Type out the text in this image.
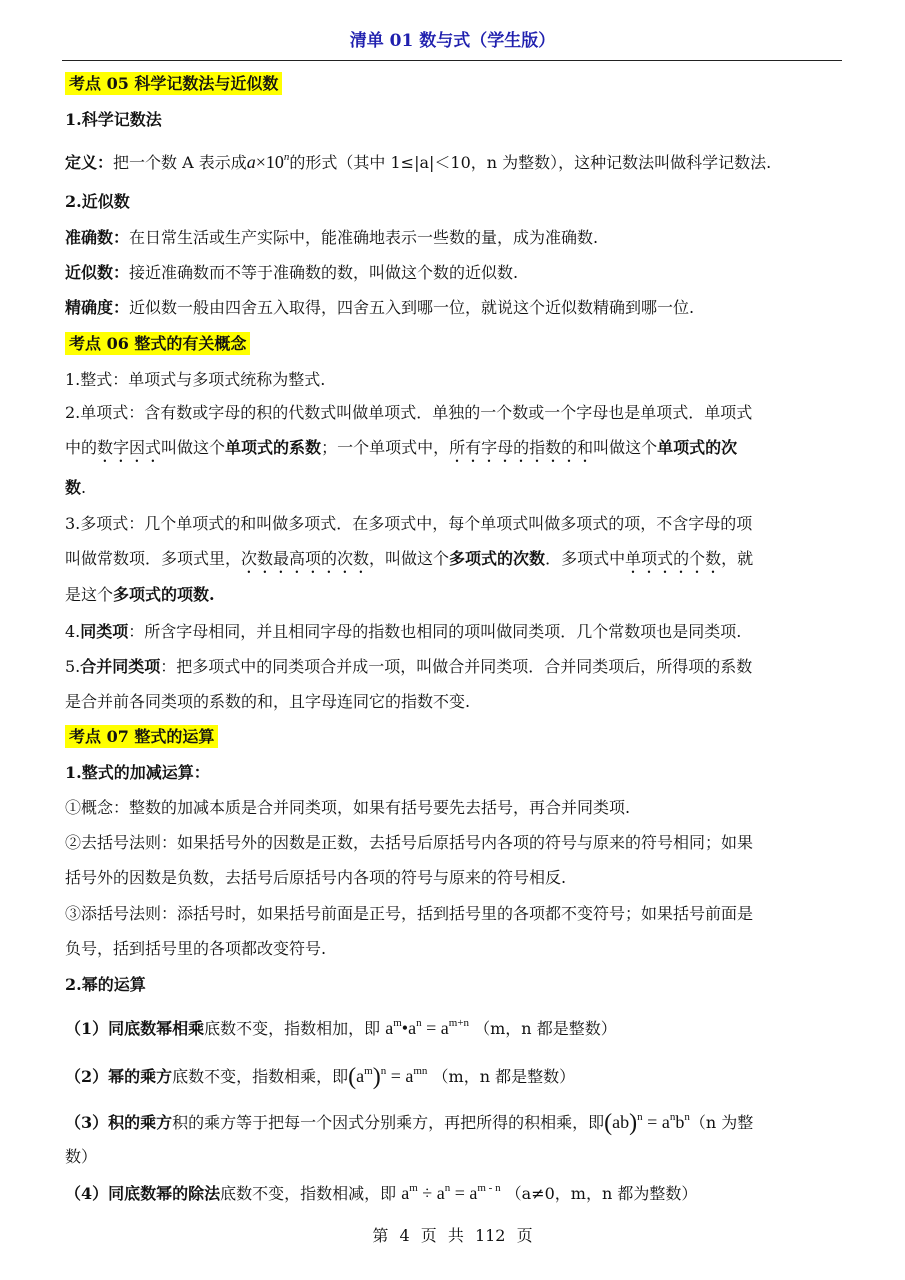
清单 01 数与式（学生版）
考点 05 科学记数法与近似数
1.科学记数法
定义：把一个数 A 表示成$a\times 10^n$的形式（其中 1≤|a|＜10，n 为整数），这种记数法叫做科学记数法.
2.近似数
准确数：在日常生活或生产实际中，能准确地表示一些数的量，成为准确数.
近似数：接近准确数而不等于准确数的数，叫做这个数的近似数.
精确度：近似数一般由四舍五入取得，四舍五入到哪一位，就说这个近似数精确到哪一位.
考点 06 整式的有关概念
1.整式：单项式与多项式统称为整式.
2.单项式：含有数或字母的积的代数式叫做单项式．单独的一个数或一个字母也是单项式．单项式
中的数字因式叫做这个单项式的系数；一个单项式中，所有字母的指数的和叫做这个单项式的次
数.
3.多项式：几个单项式的和叫做多项式．在多项式中，每个单项式叫做多项式的项，不含字母的项
叫做常数项．多项式里，次数最高项的次数，叫做这个多项式的次数．多项式中单项式的个数，就
是这个多项式的项数.
4.同类项：所含字母相同，并且相同字母的指数也相同的项叫做同类项．几个常数项也是同类项.
5.合并同类项：把多项式中的同类项合并成一项，叫做合并同类项．合并同类项后，所得项的系数
是合并前各同类项的系数的和，且字母连同它的指数不变.
考点 07 整式的运算
1.整式的加减运算：
①概念：整数的加减本质是合并同类项，如果有括号要先去括号，再合并同类项.
②去括号法则：如果括号外的因数是正数，去括号后原括号内各项的符号与原来的符号相同；如果
括号外的因数是负数，去括号后原括号内各项的符号与原来的符号相反.
③添括号法则：添括号时，如果括号前面是正号，括到括号里的各项都不变符号；如果括号前面是
负号，括到括号里的各项都改变符号.
2.幂的运算
（1）同底数幂相乘底数不变，指数相加，即 $a^m•a^n = a^{m+n}$ （m，n 都是整数）
（2）幂的乘方底数不变，指数相乘，即$(a^m)^n = a^{mn}$ （m，n 都是整数）
（3）积的乘方积的乘方等于把每一个因式分别乘方，再把所得的积相乘，即$(ab)^n = a^nb^n(n$ 为整
数）
（4）同底数幂的除法底数不变，指数相减，即 $a^m \div a^n = a^{m - n}$ （a≠0，m，n 都为整数）
第 4 页 共 112 页
